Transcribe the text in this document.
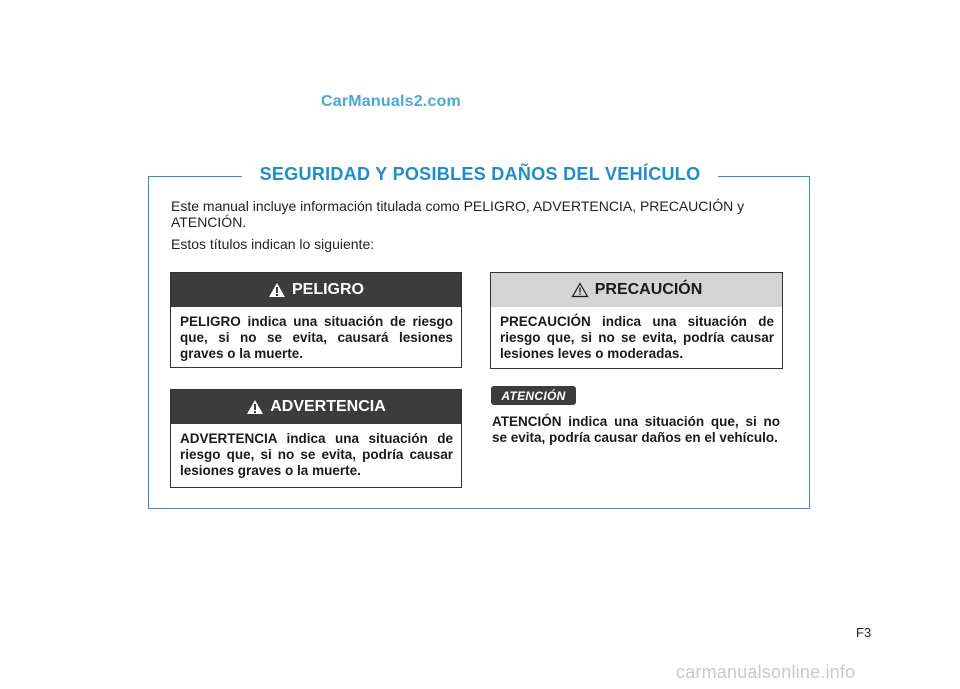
CarManuals2.com
SEGURIDAD Y POSIBLES DAÑOS DEL VEHÍCULO

Este manual incluye información titulada como PELIGRO, ADVERTENCIA, PRECAUCIÓN y ATENCIÓN.

Estos títulos indican lo siguiente:

PELIGRO
PELIGRO indica una situación de riesgo que, si no se evita, causará lesiones graves o la muerte.
ADVERTENCIA
ADVERTENCIA indica una situación de riesgo que, si no se evita, podría causar lesiones graves o la muerte.
PRECAUCIÓN
PRECAUCIÓN indica una situación de riesgo que, si no se evita, podría causar lesiones leves o moderadas.
ATENCIÓN
ATENCIÓN indica una situación que, si no se evita, podría causar daños en el vehículo.
F3
carmanualsonline.info
